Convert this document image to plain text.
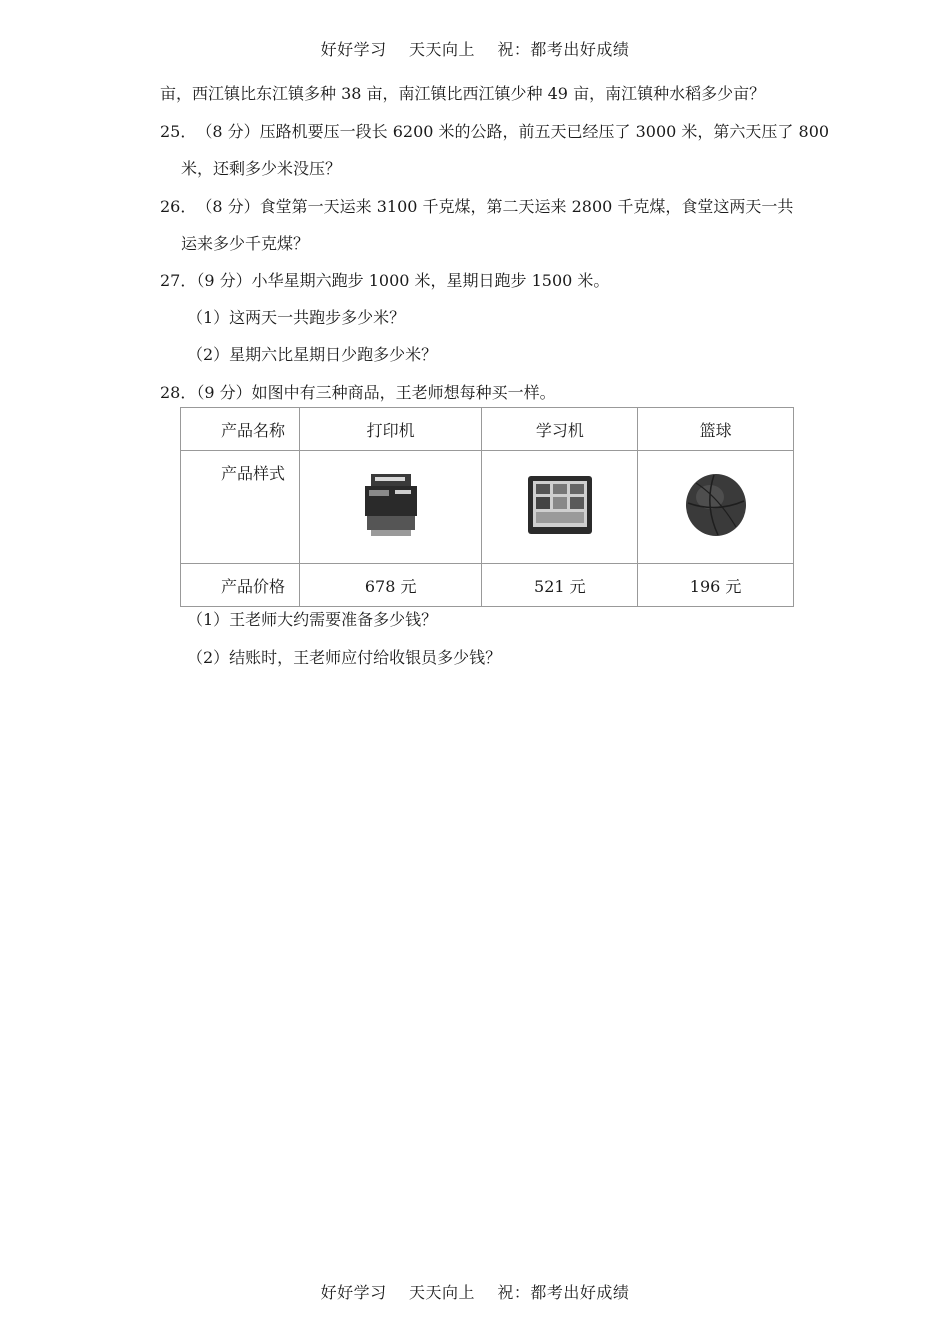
好好学习    天天向上    祝：都考出好成绩
亩，西江镇比东江镇多种 38 亩，南江镇比西江镇少种 49 亩，南江镇种水稻多少亩？
25． （8 分）压路机要压一段长 6200 米的公路，前五天已经压了 3000 米，第六天压了 800
米，还剩多少米没压？
26． （8 分）食堂第一天运来 3100 千克煤，第二天运来 2800 千克煤，食堂这两天一共
运来多少千克煤？
27．（9 分）小华星期六跑步 1000 米，星期日跑步 1500 米。
（1）这两天一共跑步多少米？
（2）星期六比星期日少跑多少米？
28．（9 分）如图中有三种商品，王老师想每种买一样。
产品名称	打印机	学习机	篮球
产品样式			
产品价格	678 元	521 元	196 元
（1）王老师大约需要准备多少钱？
（2）结账时，王老师应付给收银员多少钱？
好好学习    天天向上    祝：都考出好成绩
